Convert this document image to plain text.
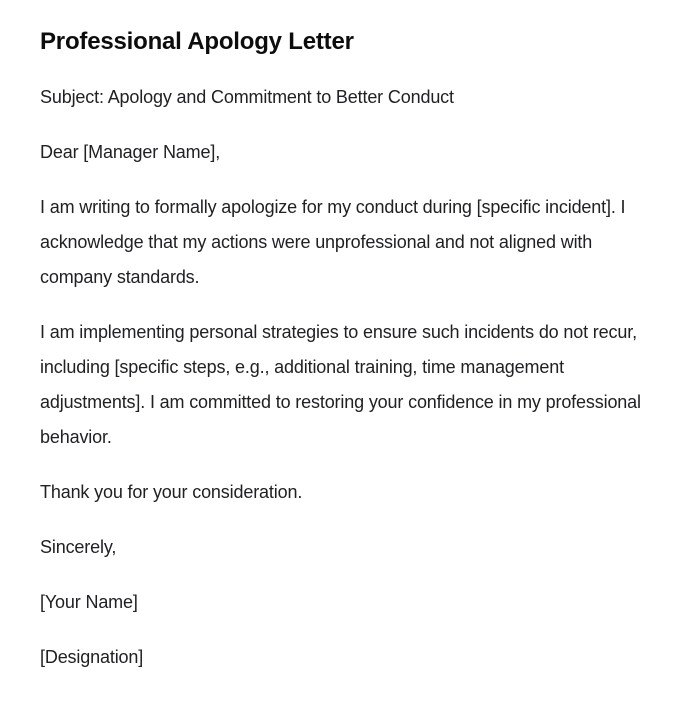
Professional Apology Letter

Subject: Apology and Commitment to Better Conduct

Dear [Manager Name],

I am writing to formally apologize for my conduct during [specific incident]. I acknowledge that my actions were unprofessional and not aligned with company standards.

I am implementing personal strategies to ensure such incidents do not recur, including [specific steps, e.g., additional training, time management adjustments]. I am committed to restoring your confidence in my professional behavior.

Thank you for your consideration.

Sincerely,

[Your Name]

[Designation]
